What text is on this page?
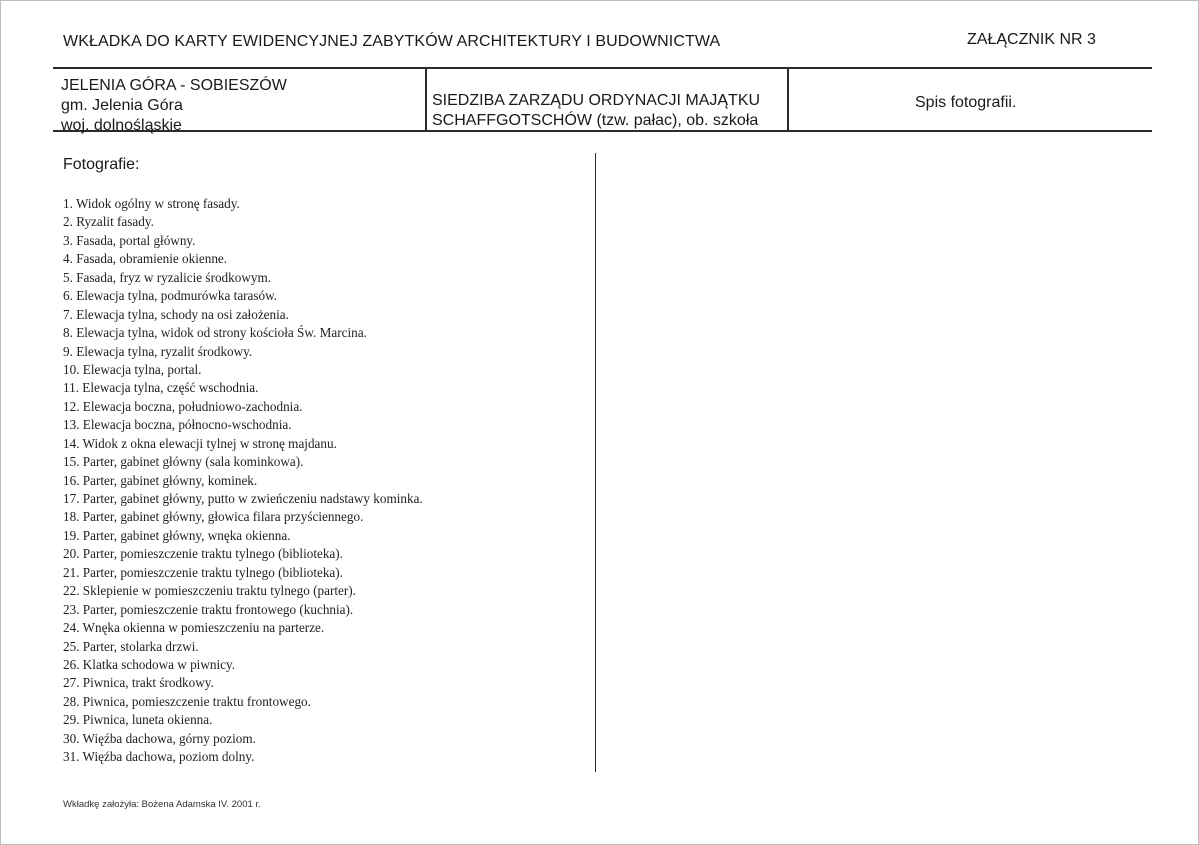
WKŁADKA DO KARTY EWIDENCYJNEJ ZABYTKÓW ARCHITEKTURY I BUDOWNICTWA	ZAŁĄCZNIK NR 3
JELENIA GÓRA - SOBIESZÓW
gm. Jelenia Góra
woj. dolnośląskie
SIEDZIBA ZARZĄDU ORDYNACJI MAJĄTKU
SCHAFFGOTSCHÓW (tzw. pałac), ob. szkoła
Spis fotografii.
Fotografie:
1. Widok ogólny w stronę fasady.
2. Ryzalit fasady.
3. Fasada, portal główny.
4. Fasada, obramienie okienne.
5. Fasada, fryz w ryzalicie środkowym.
6. Elewacja tylna, podmurówka tarasów.
7. Elewacja tylna, schody na osi założenia.
8. Elewacja tylna, widok od strony kościoła Św. Marcina.
9. Elewacja tylna, ryzalit środkowy.
10. Elewacja tylna, portal.
11. Elewacja tylna, część wschodnia.
12. Elewacja boczna, południowo-zachodnia.
13. Elewacja boczna, północno-wschodnia.
14. Widok z okna elewacji tylnej w stronę majdanu.
15. Parter, gabinet główny (sala kominkowa).
16. Parter, gabinet główny, kominek.
17. Parter, gabinet główny, putto w zwieńczeniu nadstawy kominka.
18. Parter, gabinet główny, głowica filara przyściennego.
19. Parter, gabinet główny, wnęka okienna.
20. Parter, pomieszczenie traktu tylnego (biblioteka).
21. Parter, pomieszczenie traktu tylnego (biblioteka).
22. Sklepienie w pomieszczeniu traktu tylnego (parter).
23. Parter, pomieszczenie traktu frontowego (kuchnia).
24. Wnęka okienna w pomieszczeniu na parterze.
25. Parter, stolarka drzwi.
26. Klatka schodowa w piwnicy.
27. Piwnica, trakt środkowy.
28. Piwnica, pomieszczenie traktu frontowego.
29. Piwnica, luneta okienna.
30. Więźba dachowa, górny poziom.
31. Więźba dachowa, poziom dolny.
Wkładkę założyła: Bożena Adamska IV. 2001 r.
